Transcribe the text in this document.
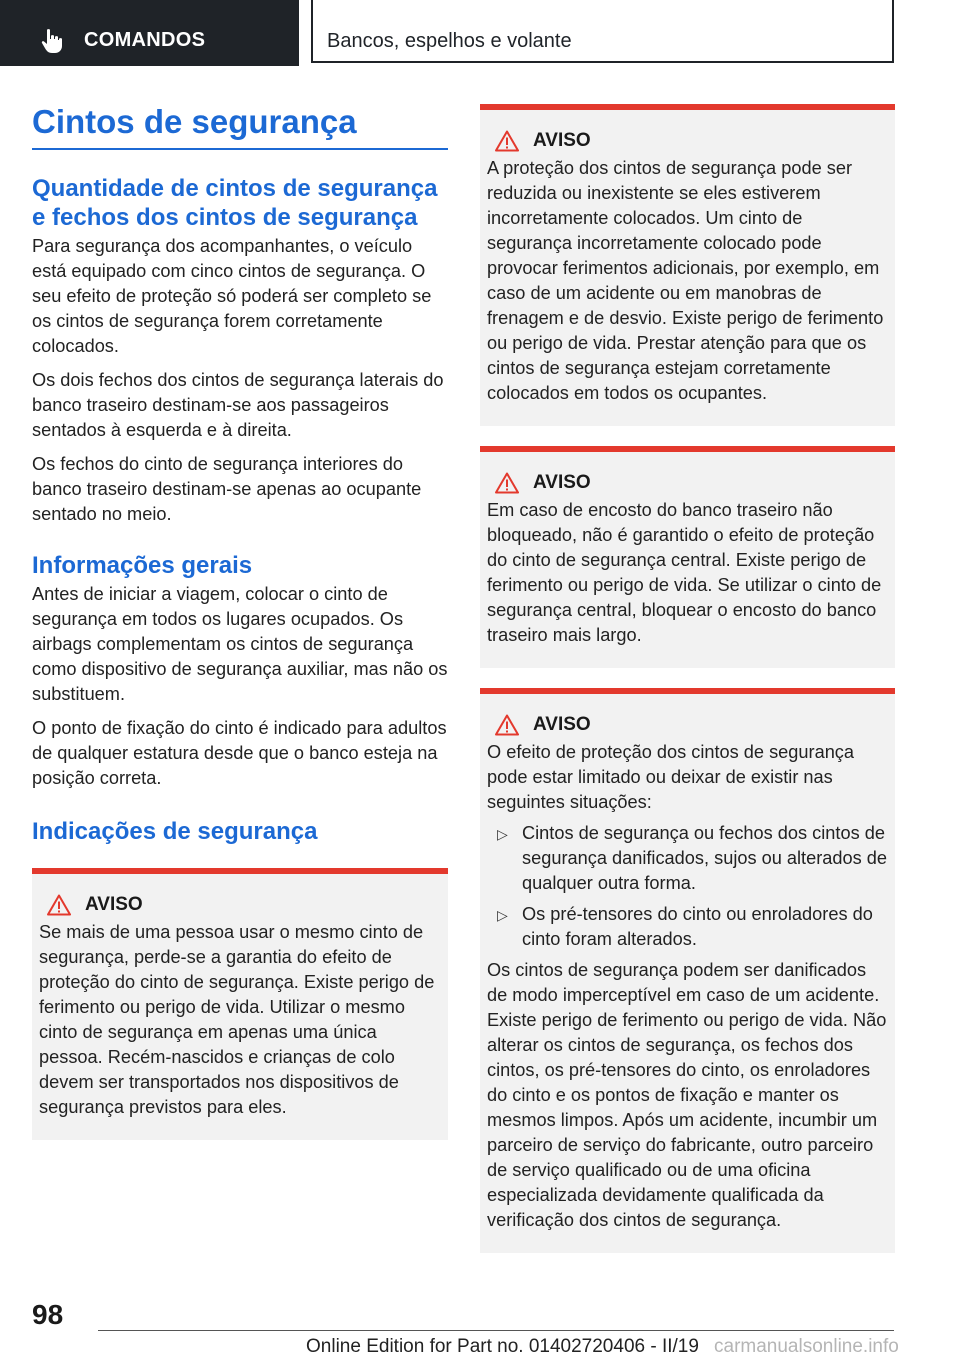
COMANDOS	Bancos, espelhos e volante
Cintos de segurança
Quantidade de cintos de segurança e fechos dos cintos de segurança

Para segurança dos acompanhantes, o veículo está equipado com cinco cintos de segurança. O seu efeito de proteção só poderá ser completo se os cintos de segurança forem corretamente colocados.

Os dois fechos dos cintos de segurança laterais do banco traseiro destinam-se aos passageiros sentados à esquerda e à direita.

Os fechos do cinto de segurança interiores do banco traseiro destinam-se apenas ao ocupante sentado no meio.

Informações gerais

Antes de iniciar a viagem, colocar o cinto de segurança em todos os lugares ocupados. Os airbags complementam os cintos de segurança como dispositivo de segurança auxiliar, mas não os substituem.

O ponto de fixação do cinto é indicado para adultos de qualquer estatura desde que o banco esteja na posição correta.

Indicações de segurança
AVISO

Se mais de uma pessoa usar o mesmo cinto de segurança, perde-se a garantia do efeito de proteção do cinto de segurança. Existe perigo de ferimento ou perigo de vida. Utilizar o mesmo cinto de segurança em apenas uma única pessoa. Recém-nascidos e crianças de colo devem ser transportados nos dispositivos de segurança previstos para eles.

AVISO

A proteção dos cintos de segurança pode ser reduzida ou inexistente se eles estiverem incorretamente colocados. Um cinto de segurança incorretamente colocado pode provocar ferimentos adicionais, por exemplo, em caso de um acidente ou em manobras de frenagem e de desvio. Existe perigo de ferimento ou perigo de vida. Prestar atenção para que os cintos de segurança estejam corretamente colocados em todos os ocupantes.

AVISO

Em caso de encosto do banco traseiro não bloqueado, não é garantido o efeito de proteção do cinto de segurança central. Existe perigo de ferimento ou perigo de vida. Se utilizar o cinto de segurança central, bloquear o encosto do banco traseiro mais largo.

AVISO

O efeito de proteção dos cintos de segurança pode estar limitado ou deixar de existir nas seguintes situações:

▷ Cintos de segurança ou fechos dos cintos de segurança danificados, sujos ou alterados de qualquer outra forma.
▷ Os pré-tensores do cinto ou enroladores do cinto foram alterados.

Os cintos de segurança podem ser danificados de modo imperceptível em caso de um acidente. Existe perigo de ferimento ou perigo de vida. Não alterar os cintos de segurança, os fechos dos cintos, os pré-tensores do cinto, os enroladores do cinto e os pontos de fixação e manter os mesmos limpos. Após um acidente, incumbir um parceiro de serviço do fabricante, outro parceiro de serviço qualificado ou de uma oficina especializada devidamente qualificada da verificação dos cintos de segurança.

98
Online Edition for Part no. 01402720406 - II/19 carmanualsonline.info
